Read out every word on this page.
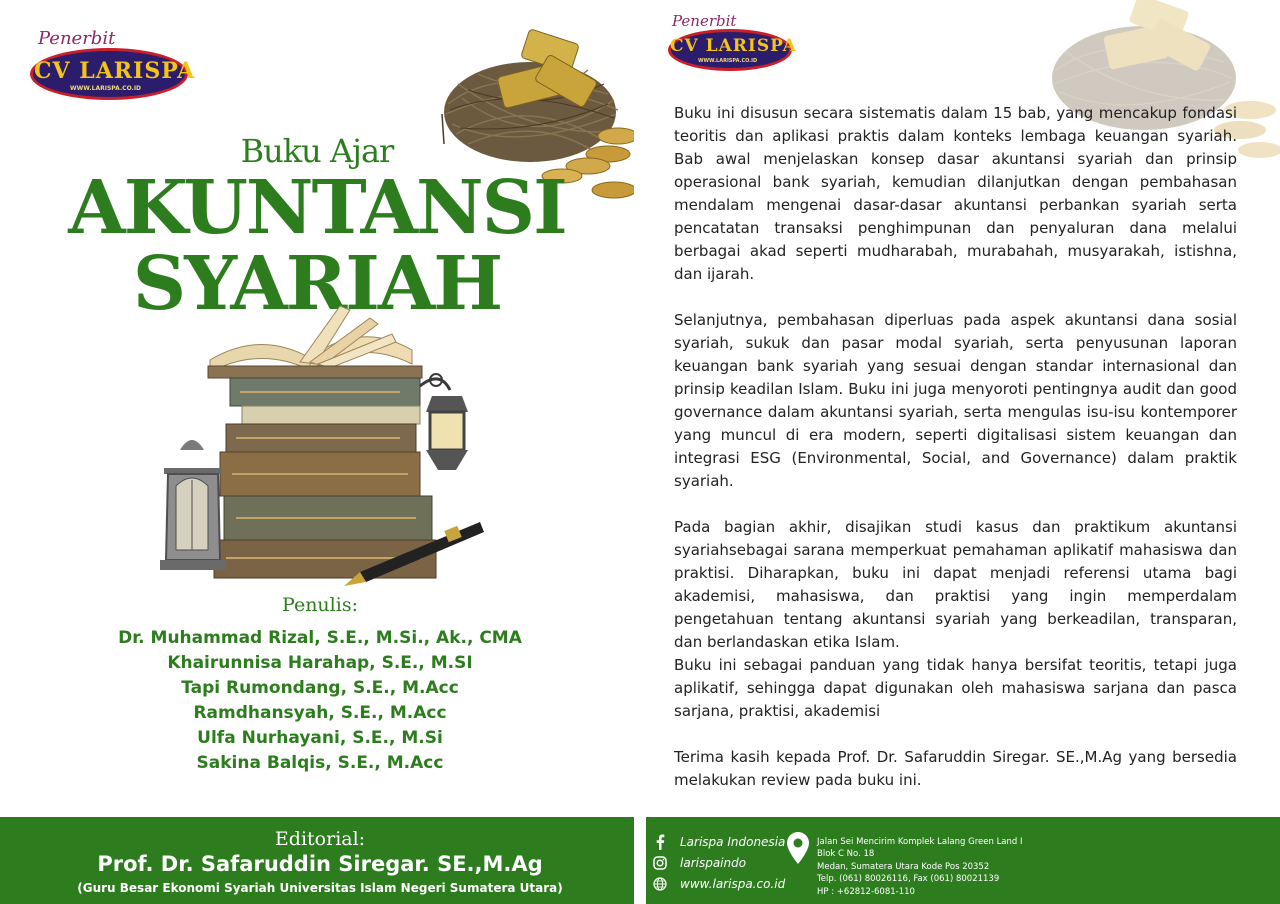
Penerbit
CV LARISPA
WWW.LARISPA.CO.ID
Buku Ajar
AKUNTANSI
SYARIAH
Penulis:
Dr. Muhammad Rizal, S.E., M.Si., Ak., CMA
Khairunnisa Harahap, S.E., M.SI
Tapi Rumondang, S.E., M.Acc
Ramdhansyah, S.E., M.Acc
Ulfa Nurhayani, S.E., M.Si
Sakina Balqis, S.E., M.Acc
Editorial:
Prof. Dr. Safaruddin Siregar. SE.,M.Ag
(Guru Besar Ekonomi Syariah Universitas Islam Negeri Sumatera Utara)
Penerbit
CV LARISPA
WWW.LARISPA.CO.ID

Buku ini disusun secara sistematis dalam 15 bab, yang mencakup fondasi teoritis dan aplikasi praktis dalam konteks lembaga keuangan syariah. Bab awal menjelaskan konsep dasar akuntansi syariah dan prinsip operasional bank syariah, kemudian dilanjutkan dengan pembahasan mendalam mengenai dasar-dasar akuntansi perbankan syariah serta pencatatan transaksi penghimpunan dan penyaluran dana melalui berbagai akad seperti mudharabah, murabahah, musyarakah, istishna, dan ijarah.

Selanjutnya, pembahasan diperluas pada aspek akuntansi dana sosial syariah, sukuk dan pasar modal syariah, serta penyusunan laporan keuangan bank syariah yang sesuai dengan standar internasional dan prinsip keadilan Islam. Buku ini juga menyoroti pentingnya audit dan good governance dalam akuntansi syariah, serta mengulas isu-isu kontemporer yang muncul di era modern, seperti digitalisasi sistem keuangan dan integrasi ESG (Environmental, Social, and Governance) dalam praktik syariah.

Pada bagian akhir, disajikan studi kasus dan praktikum akuntansi syariahsebagai sarana memperkuat pemahaman aplikatif mahasiswa dan praktisi. Diharapkan, buku ini dapat menjadi referensi utama bagi akademisi, mahasiswa, dan praktisi yang ingin memperdalam pengetahuan tentang akuntansi syariah yang berkeadilan, transparan, dan berlandaskan etika Islam.

Buku ini sebagai panduan yang tidak hanya bersifat teoritis, tetapi juga aplikatif, sehingga dapat digunakan oleh mahasiswa sarjana dan pasca sarjana, praktisi, akademisi

Terima kasih kepada Prof. Dr. Safaruddin Siregar. SE.,M.Ag yang bersedia melakukan review pada buku ini.

Larispa Indonesia
larispaindo
www.larispa.co.id
Jalan Sei Mencirim Komplek Lalang Green Land I
Blok C No. 18
Medan, Sumatera Utara Kode Pos 20352
Telp. (061) 80026116, Fax (061) 80021139
HP : +62812-6081-110
